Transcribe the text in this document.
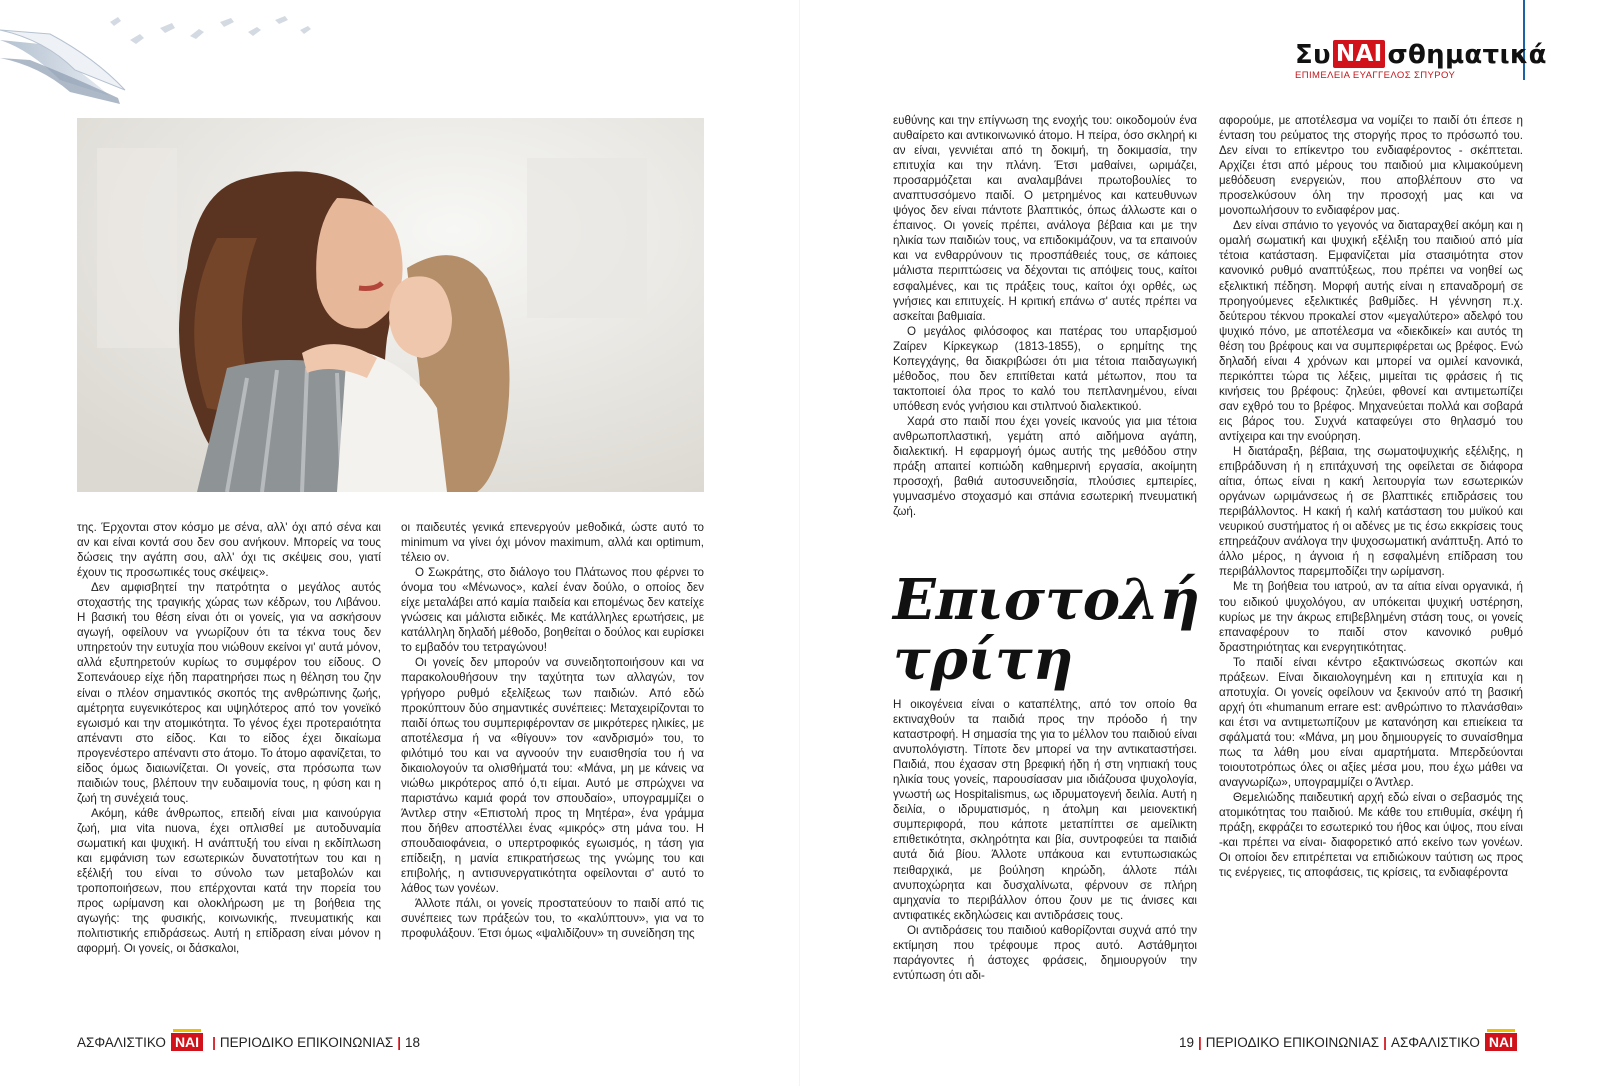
της. Έρχονται στον κόσμο με σένα, αλλ' όχι από σένα και αν και είναι κοντά σου δεν σου ανήκουν. Μπορείς να τους δώσεις την αγάπη σου, αλλ' όχι τις σκέψεις σου, γιατί έχουν τις προσωπικές τους σκέψεις».

Δεν αμφισβητεί την πατρότητα ο μεγάλος αυτός στοχαστής της τραγικής χώρας των κέδρων, του Λιβάνου. Η βασική του θέση είναι ότι οι γονείς, για να ασκήσουν αγωγή, οφείλουν να γνωρίζουν ότι τα τέκνα τους δεν υπηρετούν την ευτυχία που νιώθουν εκείνοι γι' αυτά μόνον, αλλά εξυπηρετούν κυρίως το συμφέρον του είδους. Ο Σοπενάουερ είχε ήδη παρατηρήσει πως η θέληση του ζην είναι ο πλέον σημαντικός σκοπός της ανθρώπινης ζωής, αμέτρητα ευγενικότερος και υψηλότερος από τον γονεϊκό εγωισμό και την ατομικότητα. Το γένος έχει προτεραιότητα απέναντι στο είδος. Και το είδος έχει δικαίωμα προγενέστερο απέναντι στο άτομο. Το άτομο αφανίζεται, το είδος όμως διαιωνίζεται. Οι γονείς, στα πρόσωπα των παιδιών τους, βλέπουν την ευδαιμονία τους, η φύση και η ζωή τη συνέχειά τους.

Ακόμη, κάθε άνθρωπος, επειδή είναι μια καινούργια ζωή, μια vita nuova, έχει οπλισθεί με αυτοδυναμία σωματική και ψυχική. Η ανάπτυξή του είναι η εκδίπλωση και εμφάνιση των εσωτερικών δυνατοτήτων του και η εξέλιξή του είναι το σύνολο των μεταβολών και τροποποιήσεων, που επέρχονται κατά την πορεία του προς ωρίμανση και ολοκλήρωση με τη βοήθεια της αγωγής: της φυσικής, κοινωνικής, πνευματικής και πολιτιστικής επιδράσεως. Αυτή η επίδραση είναι μόνον η αφορμή. Οι γονείς, οι δάσκαλοι,

οι παιδευτές γενικά επενεργούν μεθοδικά, ώστε αυτό το minimum να γίνει όχι μόνον maximum, αλλά και optimum, τέλειο ον.

Ο Σωκράτης, στο διάλογο του Πλάτωνος που φέρνει το όνομα του «Μένωνος», καλεί έναν δούλο, ο οποίος δεν είχε μεταλάβει από καμία παιδεία και επομένως δεν κατείχε γνώσεις και μάλιστα ειδικές. Με κατάλληλες ερωτήσεις, με κατάλληλη δηλαδή μέθοδο, βοηθείται ο δούλος και ευρίσκει το εμβαδόν του τετραγώνου!

Οι γονείς δεν μπορούν να συνειδητοποιήσουν και να παρακολουθήσουν την ταχύτητα των αλλαγών, τον γρήγορο ρυθμό εξελίξεως των παιδιών. Από εδώ προκύπτουν δύο σημαντικές συνέπειες: Μεταχειρίζονται το παιδί όπως του συμπεριφέρονταν σε μικρότερες ηλικίες, με αποτέλεσμα ή να «θίγουν» τον «ανδρισμό» του, το φιλότιμό του και να αγνοούν την ευαισθησία του ή να δικαιολογούν τα ολισθήματά του: «Μάνα, μη με κάνεις να νιώθω μικρότερος από ό,τι είμαι. Αυτό με σπρώχνει να παριστάνω καμιά φορά τον σπουδαίο», υπογραμμίζει ο Άντλερ στην «Επιστολή προς τη Μητέρα», ένα γράμμα που δήθεν αποστέλλει ένας «μικρός» στη μάνα του. Η σπουδαιοφάνεια, ο υπερτροφικός εγωισμός, η τάση για επίδειξη, η μανία επικρατήσεως της γνώμης του και επιβολής, η αντισυνεργατικότητα οφείλονται σ' αυτό το λάθος των γονέων.

Άλλοτε πάλι, οι γονείς προστατεύουν το παιδί από τις συνέπειες των πράξεών του, το «καλύπτουν», για να το προφυλάξουν. Έτσι όμως «ψαλιδίζουν» τη συνείδηση της

ΑΣΦΑΛΙΣΤΙΚΟ ΝΑΙ | ΠΕΡΙΟΔΙΚΟ ΕΠΙΚΟΙΝΩΝΙΑΣ | 18
Συ ΝΑΙ σθηματικά
ΕΠΙΜΕΛΕΙΑ ΕΥΑΓΓΕΛΟΣ ΣΠΥΡΟΥ

ευθύνης και την επίγνωση της ενοχής του: οικοδομούν ένα αυθαίρετο και αντικοινωνικό άτομο. Η πείρα, όσο σκληρή κι αν είναι, γεννιέται από τη δοκιμή, τη δοκιμασία, την επιτυχία και την πλάνη. Έτσι μαθαίνει, ωριμάζει, προσαρμόζεται και αναλαμβάνει πρωτοβουλίες το αναπτυσσόμενο παιδί. Ο μετρημένος και κατευθυνων ψόγος δεν είναι πάντοτε βλαπτικός, όπως άλλωστε και ο έπαινος. Οι γονείς πρέπει, ανάλογα βέβαια και με την ηλικία των παιδιών τους, να επιδοκιμάζουν, να τα επαινούν και να ενθαρρύνουν τις προσπάθειές τους, σε κάποιες μάλιστα περιπτώσεις να δέχονται τις απόψεις τους, καίτοι εσφαλμένες, και τις πράξεις τους, καίτοι όχι ορθές, ως γνήσιες και επιτυχείς. Η κριτική επάνω σ' αυτές πρέπει να ασκείται βαθμιαία.

Ο μεγάλος φιλόσοφος και πατέρας του υπαρξισμού Ζαίρεν Κίρκεγκωρ (1813-1855), ο ερημίτης της Κοπεγχάγης, θα διακριβώσει ότι μια τέτοια παιδαγωγική μέθοδος, που δεν επιτίθεται κατά μέτωπον, που τα τακτοποιεί όλα προς το καλό του πεπλανημένου, είναι υπόθεση ενός γνήσιου και στιλπνού διαλεκτικού.

Χαρά στο παιδί που έχει γονείς ικανούς για μια τέτοια ανθρωποπλαστική, γεμάτη από αιδήμονα αγάπη, διαλεκτική. Η εφαρμογή όμως αυτής της μεθόδου στην πράξη απαιτεί κοπιώδη καθημερινή εργασία, ακοίμητη προσοχή, βαθιά αυτοσυνειδησία, πλούσιες εμπειρίες, γυμνασμένο στοχασμό και σπάνια εσωτερική πνευματική ζωή.

Επιστολή
τρίτη

Η οικογένεια είναι ο καταπέλτης, από τον οποίο θα εκτιναχθούν τα παιδιά προς την πρόοδο ή την καταστροφή. Η σημασία της για το μέλλον του παιδιού είναι ανυπολόγιστη. Τίποτε δεν μπορεί να την αντικαταστήσει. Παιδιά, που έχασαν στη βρεφική ήδη ή στη νηπιακή τους ηλικία τους γονείς, παρουσίασαν μια ιδιάζουσα ψυχολογία, γνωστή ως Hospitalismus, ως ιδρυματογενή δειλία. Αυτή η δειλία, ο ιδρυματισμός, η άτολμη και μειονεκτική συμπεριφορά, που κάποτε μεταπίπτει σε αμείλικτη επιθετικότητα, σκληρότητα και βία, συντροφεύει τα παιδιά αυτά διά βίου. Άλλοτε υπάκουα και εντυπωσιακώς πειθαρχικά, με βούληση κηρώδη, άλλοτε πάλι ανυποχώρητα και δυσχαλίνωτα, φέρνουν σε πλήρη αμηχανία το περιβάλλον όπου ζουν με τις άνισες και αντιφατικές εκδηλώσεις και αντιδράσεις τους.

Οι αντιδράσεις του παιδιού καθορίζονται συχνά από την εκτίμηση που τρέφουμε προς αυτό. Αστάθμητοι παράγοντες ή άστοχες φράσεις, δημιουργούν την εντύπωση ότι αδι-

αφορούμε, με αποτέλεσμα να νομίζει το παιδί ότι έπεσε η ένταση του ρεύματος της στοργής προς το πρόσωπό του. Δεν είναι το επίκεντρο του ενδιαφέροντος - σκέπτεται. Αρχίζει έτσι από μέρους του παιδιού μια κλιμακούμενη μεθόδευση ενεργειών, που αποβλέπουν στο να προσελκύσουν όλη την προσοχή μας και να μονοπωλήσουν το ενδιαφέρον μας.

Δεν είναι σπάνιο το γεγονός να διαταραχθεί ακόμη και η ομαλή σωματική και ψυχική εξέλιξη του παιδιού από μία τέτοια κατάσταση. Εμφανίζεται μία στασιμότητα στον κανονικό ρυθμό αναπτύξεως, που πρέπει να νοηθεί ως εξελικτική πέδηση. Μορφή αυτής είναι η επαναδρομή σε προηγούμενες εξελικτικές βαθμίδες. Η γέννηση π.χ. δεύτερου τέκνου προκαλεί στον «μεγαλύτερο» αδελφό του ψυχικό πόνο, με αποτέλεσμα να «διεκδικεί» και αυτός τη θέση του βρέφους και να συμπεριφέρεται ως βρέφος. Ενώ δηλαδή είναι 4 χρόνων και μπορεί να ομιλεί κανονικά, περικόπτει τώρα τις λέξεις, μιμείται τις φράσεις ή τις κινήσεις του βρέφους: ζηλεύει, φθονεί και αντιμετωπίζει σαν εχθρό του το βρέφος. Μηχανεύεται πολλά και σοβαρά εις βάρος του. Συχνά καταφεύγει στο θηλασμό του αντίχειρα και την ενούρηση.

Η διατάραξη, βέβαια, της σωματοψυχικής εξέλιξης, η επιβράδυνση ή η επιτάχυνσή της οφείλεται σε διάφορα αίτια, όπως είναι η κακή λειτουργία των εσωτερικών οργάνων ωριμάνσεως ή σε βλαπτικές επιδράσεις του περιβάλλοντος. Η κακή ή καλή κατάσταση του μυϊκού και νευρικού συστήματος ή οι αδένες με τις έσω εκκρίσεις τους επηρεάζουν ανάλογα την ψυχοσωματική ανάπτυξη. Από το άλλο μέρος, η άγνοια ή η εσφαλμένη επίδραση του περιβάλλοντος παρεμποδίζει την ωρίμανση.

Με τη βοήθεια του ιατρού, αν τα αίτια είναι οργανικά, ή του ειδικού ψυχολόγου, αν υπόκειται ψυχική υστέρηση, κυρίως με την άκρως επιβεβλημένη στάση τους, οι γονείς επαναφέρουν το παιδί στον κανονικό ρυθμό δραστηριότητας και ενεργητικότητας.

Το παιδί είναι κέντρο εξακτινώσεως σκοπών και πράξεων. Είναι δικαιολογημένη και η επιτυχία και η αποτυχία. Οι γονείς οφείλουν να ξεκινούν από τη βασική αρχή ότι «humanum errare est: ανθρώπινο το πλανάσθαι» και έτσι να αντιμετωπίζουν με κατανόηση και επιείκεια τα σφάλματά του: «Μάνα, μη μου δημιουργείς το συναίσθημα πως τα λάθη μου είναι αμαρτήματα. Μπερδεύονται τοιουτοτρόπως όλες οι αξίες μέσα μου, που έχω μάθει να αναγνωρίζω», υπογραμμίζει ο Άντλερ.

Θεμελιώδης παιδευτική αρχή εδώ είναι ο σεβασμός της ατομικότητας του παιδιού. Με κάθε του επιθυμία, σκέψη ή πράξη, εκφράζει το εσωτερικό του ήθος και ύψος, που είναι -και πρέπει να είναι- διαφορετικό από εκείνο των γονέων. Οι οποίοι δεν επιτρέπεται να επιδιώκουν ταύτιση ως προς τις ενέργειες, τις αποφάσεις, τις κρίσεις, τα ενδιαφέροντα

19 | ΠΕΡΙΟΔΙΚΟ ΕΠΙΚΟΙΝΩΝΙΑΣ | ΑΣΦΑΛΙΣΤΙΚΟ ΝΑΙ
